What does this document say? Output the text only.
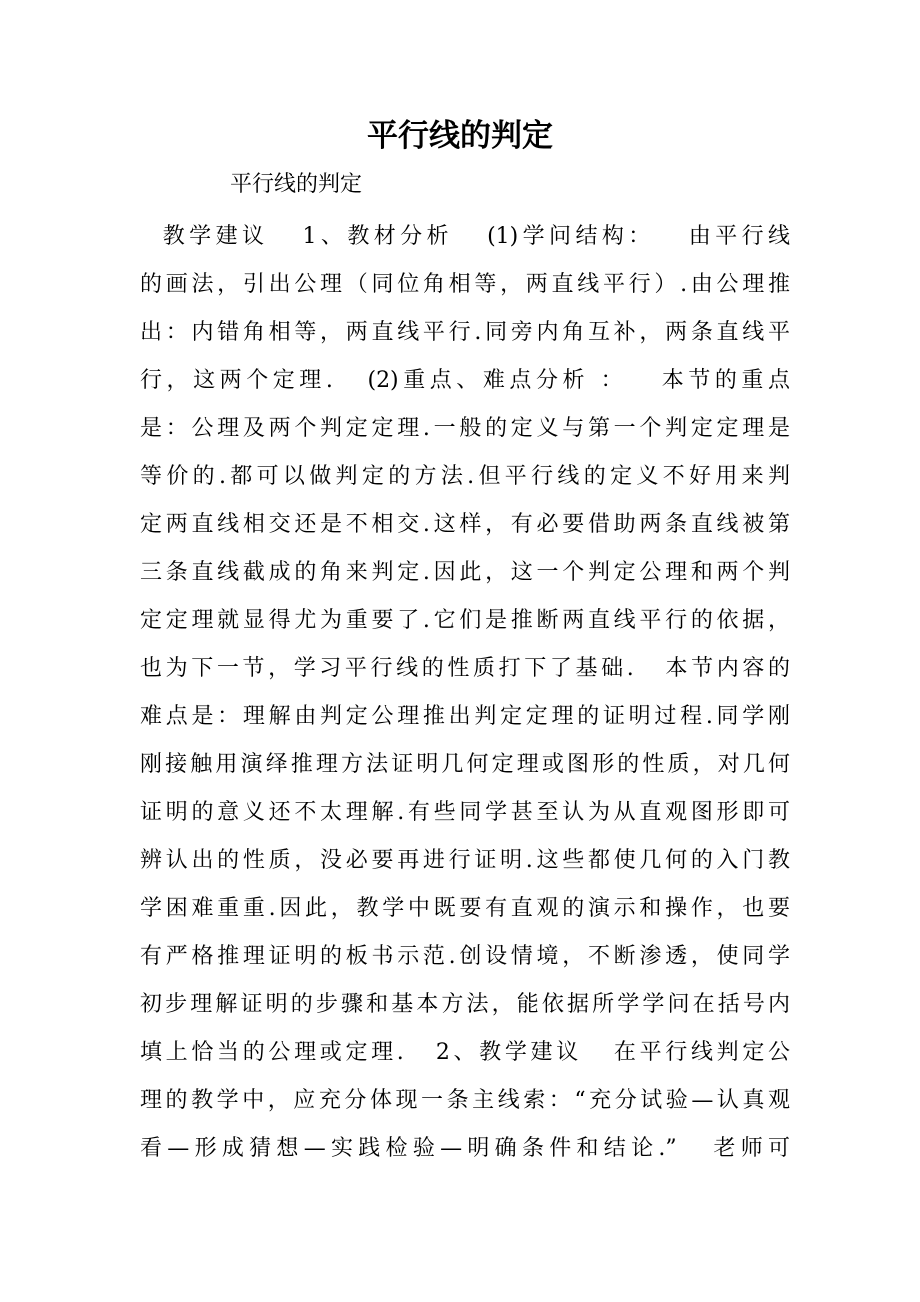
平行线的判定
平行线的判定
教学建议   1、教材分析   (1)学问结构：   由平行线
的画法，引出公理（同位角相等，两直线平行）.由公理推
出：内错角相等，两直线平行.同旁内角互补，两条直线平
行，这两个定理.   (2)重点、难点分析 ：   本节的重点
是：公理及两个判定定理.一般的定义与第一个判定定理是
等价的.都可以做判定的方法.但平行线的定义不好用来判
定两直线相交还是不相交.这样，有必要借助两条直线被第
三条直线截成的角来判定.因此，这一个判定公理和两个判
定定理就显得尤为重要了.它们是推断两直线平行的依据，
也为下一节，学习平行线的性质打下了基础.   本节内容的
难点是：理解由判定公理推出判定定理的证明过程.同学刚
刚接触用演绎推理方法证明几何定理或图形的性质，对几何
证明的意义还不太理解.有些同学甚至认为从直观图形即可
辨认出的性质，没必要再进行证明.这些都使几何的入门教
学困难重重.因此，教学中既要有直观的演示和操作，也要
有严格推理证明的板书示范.创设情境，不断渗透，使同学
初步理解证明的步骤和基本方法，能依据所学学问在括号内
填上恰当的公理或定理.   2、教学建议   在平行线判定公
理的教学中，应充分体现一条主线索：“充分试验—认真观
看—形成猜想—实践检验—明确条件和结论.”   老师可
